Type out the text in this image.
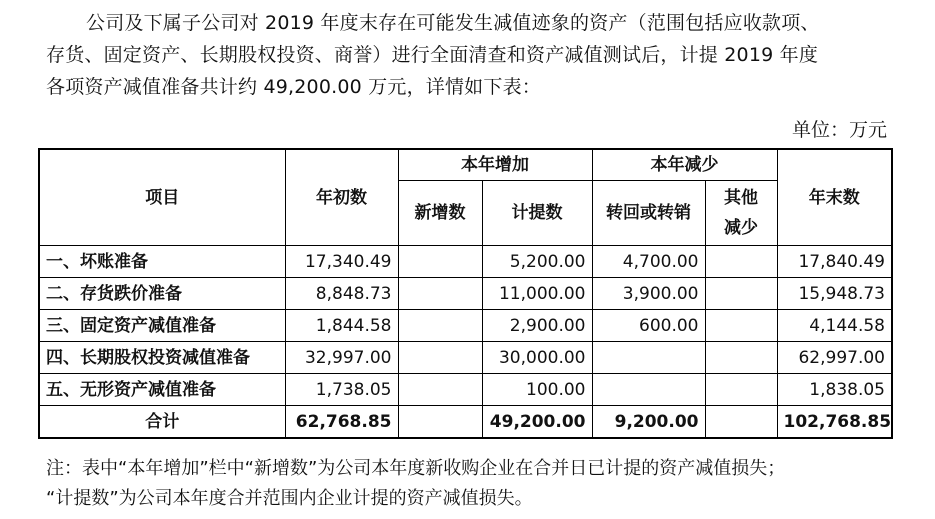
公司及下属子公司对 2019 年度末存在可能发生减值迹象的资产（范围包括应收款项、
存货、固定资产、长期股权投资、商誉）进行全面清查和资产减值测试后，计提 2019 年度
各项资产减值准备共计约 49,200.00 万元，详情如下表：
单位：万元
项目	年初数	本年增加		本年减少		年末数
		新增数	计提数	转回或转销	其他减少	
一、坏账准备	17,340.49		5,200.00	4,700.00		17,840.49
二、存货跌价准备	8,848.73		11,000.00	3,900.00		15,948.73
三、固定资产减值准备	1,844.58		2,900.00	600.00		4,144.58
四、长期股权投资减值准备	32,997.00		30,000.00			62,997.00
五、无形资产减值准备	1,738.05		100.00			1,838.05
合计	62,768.85		49,200.00	9,200.00		102,768.85
注：表中“本年增加”栏中“新增数”为公司本年度新收购企业在合并日已计提的资产减值损失；
“计提数”为公司本年度合并范围内企业计提的资产减值损失。
